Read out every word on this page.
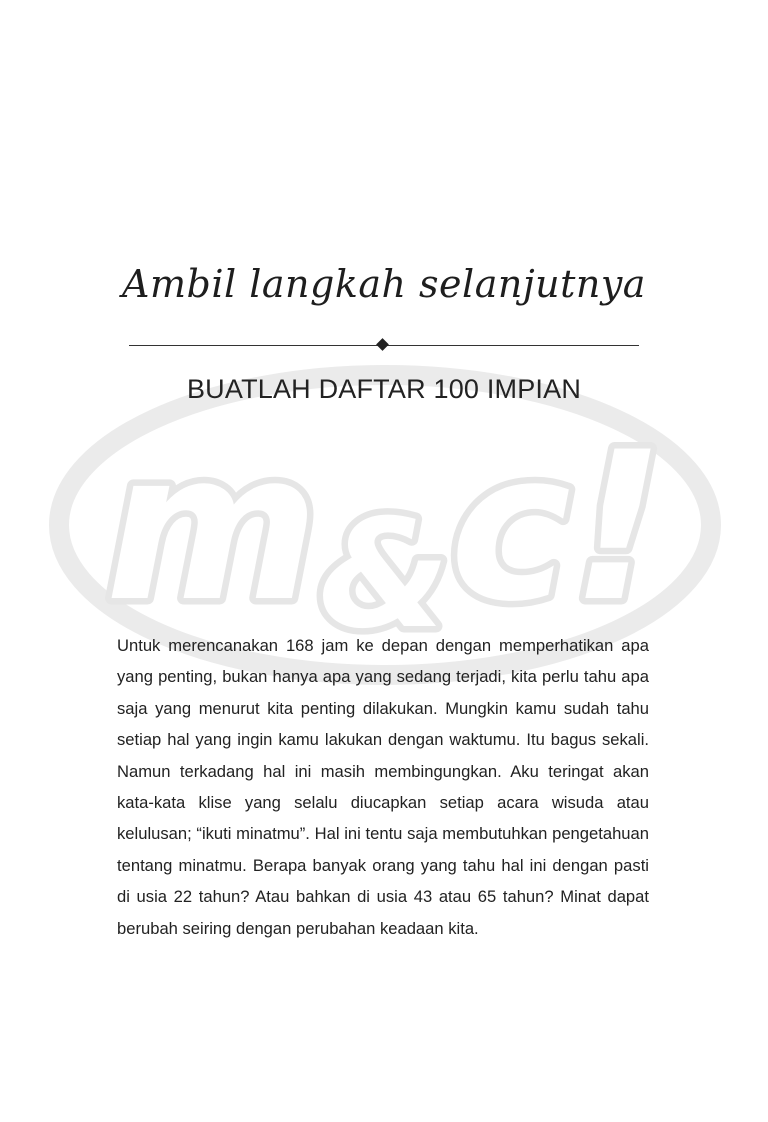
m&c!
Ambil langkah selanjutnya
BUATLAH DAFTAR 100 IMPIAN

Untuk merencanakan 168 jam ke depan dengan memperhatikan apa yang penting, bukan hanya apa yang sedang terjadi, kita perlu tahu apa saja yang menurut kita penting dilakukan. Mungkin kamu sudah tahu setiap hal yang ingin kamu lakukan dengan waktumu. Itu bagus sekali. Namun terkadang hal ini masih membingungkan. Aku teringat akan kata-kata klise yang selalu diucapkan setiap acara wisuda atau kelulusan; “ikuti minatmu”. Hal ini tentu saja membutuhkan pengetahuan tentang minatmu. Berapa banyak orang yang tahu hal ini dengan pasti di usia 22 tahun? Atau bahkan di usia 43 atau 65 tahun? Minat dapat berubah seiring dengan perubahan keadaan kita.
